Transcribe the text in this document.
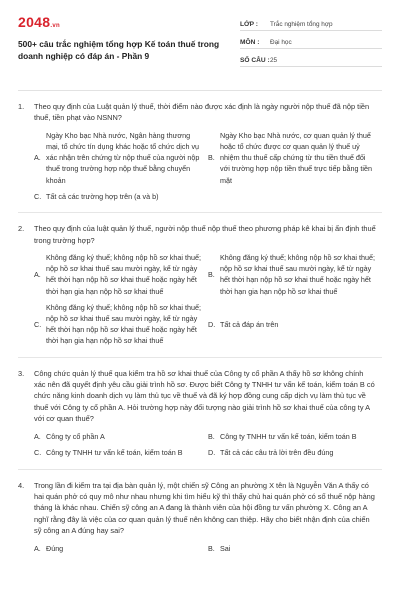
2048.vn
500+ câu trắc nghiệm tổng hợp Kế toán thuế trong doanh nghiệp có đáp án - Phần 9
LỚP :	Trắc nghiệm tổng hợp
MÔN :	Đại học
SỐ CÂU : 25
1.	Theo quy định của Luật quản lý thuế, thời điểm nào được xác định là ngày người nộp thuế đã nộp tiền thuế, tiền phạt vào NSNN?
A.
Ngày Kho bạc Nhà nước, Ngân hàng thương mại, tổ chức tín dụng khác hoặc tổ chức dịch vụ xác nhận trên chứng từ nộp thuế của người nộp thuế trong trường hợp nộp thuế bằng chuyển khoản
B.
Ngày Kho bạc Nhà nước, cơ quan quản lý thuế hoặc tổ chức được cơ quan quản lý thuế uỷ nhiệm thu thuế cấp chứng từ thu tiền thuế đối với trường hợp nộp tiền thuế trực tiếp bằng tiền mặt
C. Tất cả các trường hợp trên (a và b)
2.	Theo quy định của luật quản lý thuế, người nộp thuế nộp thuế theo phương pháp kê khai bị ấn định thuế trong trường hợp?
A.
Không đăng ký thuế; không nộp hồ sơ khai thuế; nộp hồ sơ khai thuế sau mười ngày, kể từ ngày hết thời hạn nộp hồ sơ khai thuế hoặc ngày hết thời hạn gia hạn nộp hồ sơ khai thuế
B.
Không đăng ký thuế; không nộp hồ sơ khai thuế; nộp hồ sơ khai thuế sau mười ngày, kể từ ngày hết thời hạn nộp hồ sơ khai thuế hoặc ngày hết thời hạn gia hạn nộp hồ sơ khai thuế
C.
Không đăng ký thuế; không nộp hồ sơ khai thuế; nộp hồ sơ khai thuế sau mười ngày, kể từ ngày hết thời hạn nộp hồ sơ khai thuế hoặc ngày hết thời hạn gia hạn nộp hồ sơ khai thuế
D. Tất cả đáp án trên
3.	Công chức quản lý thuế qua kiểm tra hồ sơ khai thuế của Công ty cổ phần A thấy hồ sơ không chính xác nên đã quyết định yêu cầu giải trình hồ sơ. Được biết Công ty TNHH tư vấn kế toán, kiểm toán B có chức năng kinh doanh dịch vụ làm thủ tục về thuế và đã ký hợp đồng cung cấp dịch vụ làm thủ tục về thuế với Công ty cổ phần A. Hỏi trường hợp này đối tượng nào giải trình hồ sơ khai thuế của công ty A với cơ quan thuế?
A. Công ty cổ phần A	B. Công ty TNHH tư vấn kế toán, kiểm toán B
C. Công ty TNHH tư vấn kế toán, kiểm toán B	D. Tất cả các câu trả lời trên đều đúng
4.	Trong lần đi kiểm tra tại địa bàn quản lý, một chiến sỹ Công an phường X tên là Nguyễn Văn A thấy có hai quán phở có quy mô như nhau nhưng khi tìm hiểu kỹ thì thấy chủ hai quán phở có số thuế nộp hàng tháng là khác nhau. Chiến sỹ công an A đang là thành viên của hội đồng tư vấn phường X. Công an A nghĩ rằng đây là việc của cơ quan quản lý thuế nên không can thiệp. Hãy cho biết nhận định của chiến sỹ công an A đúng hay sai?
A. Đúng	B. Sai
